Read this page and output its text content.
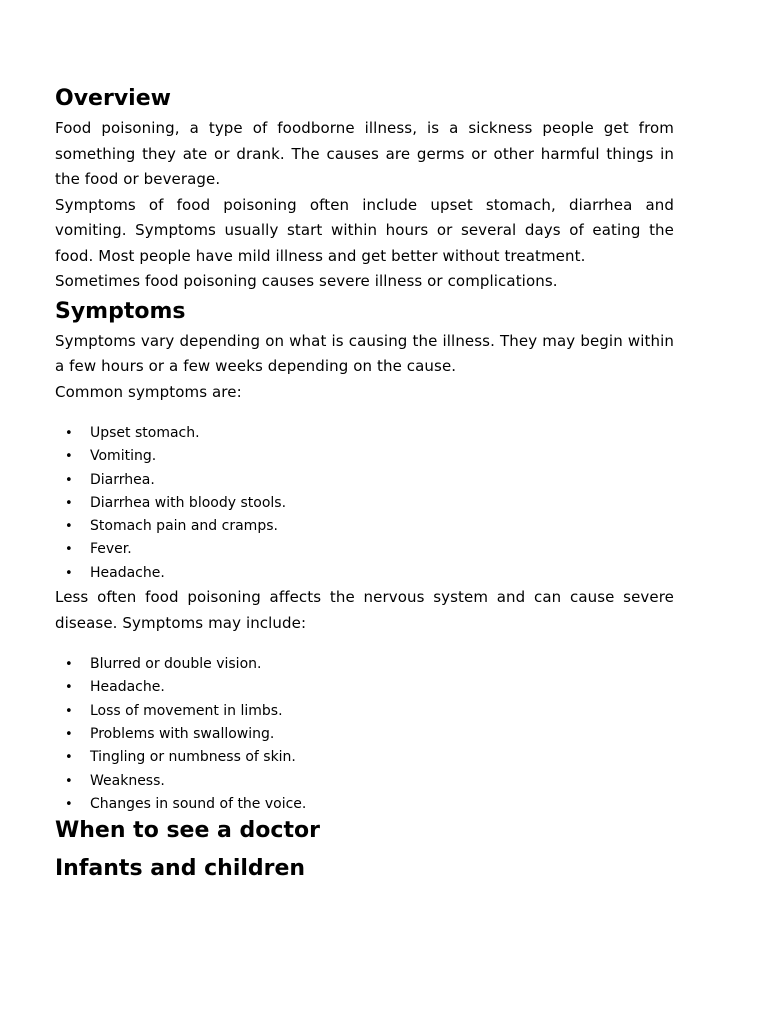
Overview

Food poisoning, a type of foodborne illness, is a sickness people get from something they ate or drank. The causes are germs or other harmful things in the food or beverage.

Symptoms of food poisoning often include upset stomach, diarrhea and vomiting. Symptoms usually start within hours or several days of eating the food. Most people have mild illness and get better without treatment.

Sometimes food poisoning causes severe illness or complications.

Symptoms

Symptoms vary depending on what is causing the illness. They may begin within a few hours or a few weeks depending on the cause.

Common symptoms are:

• Upset stomach.
• Vomiting.
• Diarrhea.
• Diarrhea with bloody stools.
• Stomach pain and cramps.
• Fever.
• Headache.

Less often food poisoning affects the nervous system and can cause severe disease. Symptoms may include:

• Blurred or double vision.
• Headache.
• Loss of movement in limbs.
• Problems with swallowing.
• Tingling or numbness of skin.
• Weakness.
• Changes in sound of the voice.
When to see a doctor
Infants and children
